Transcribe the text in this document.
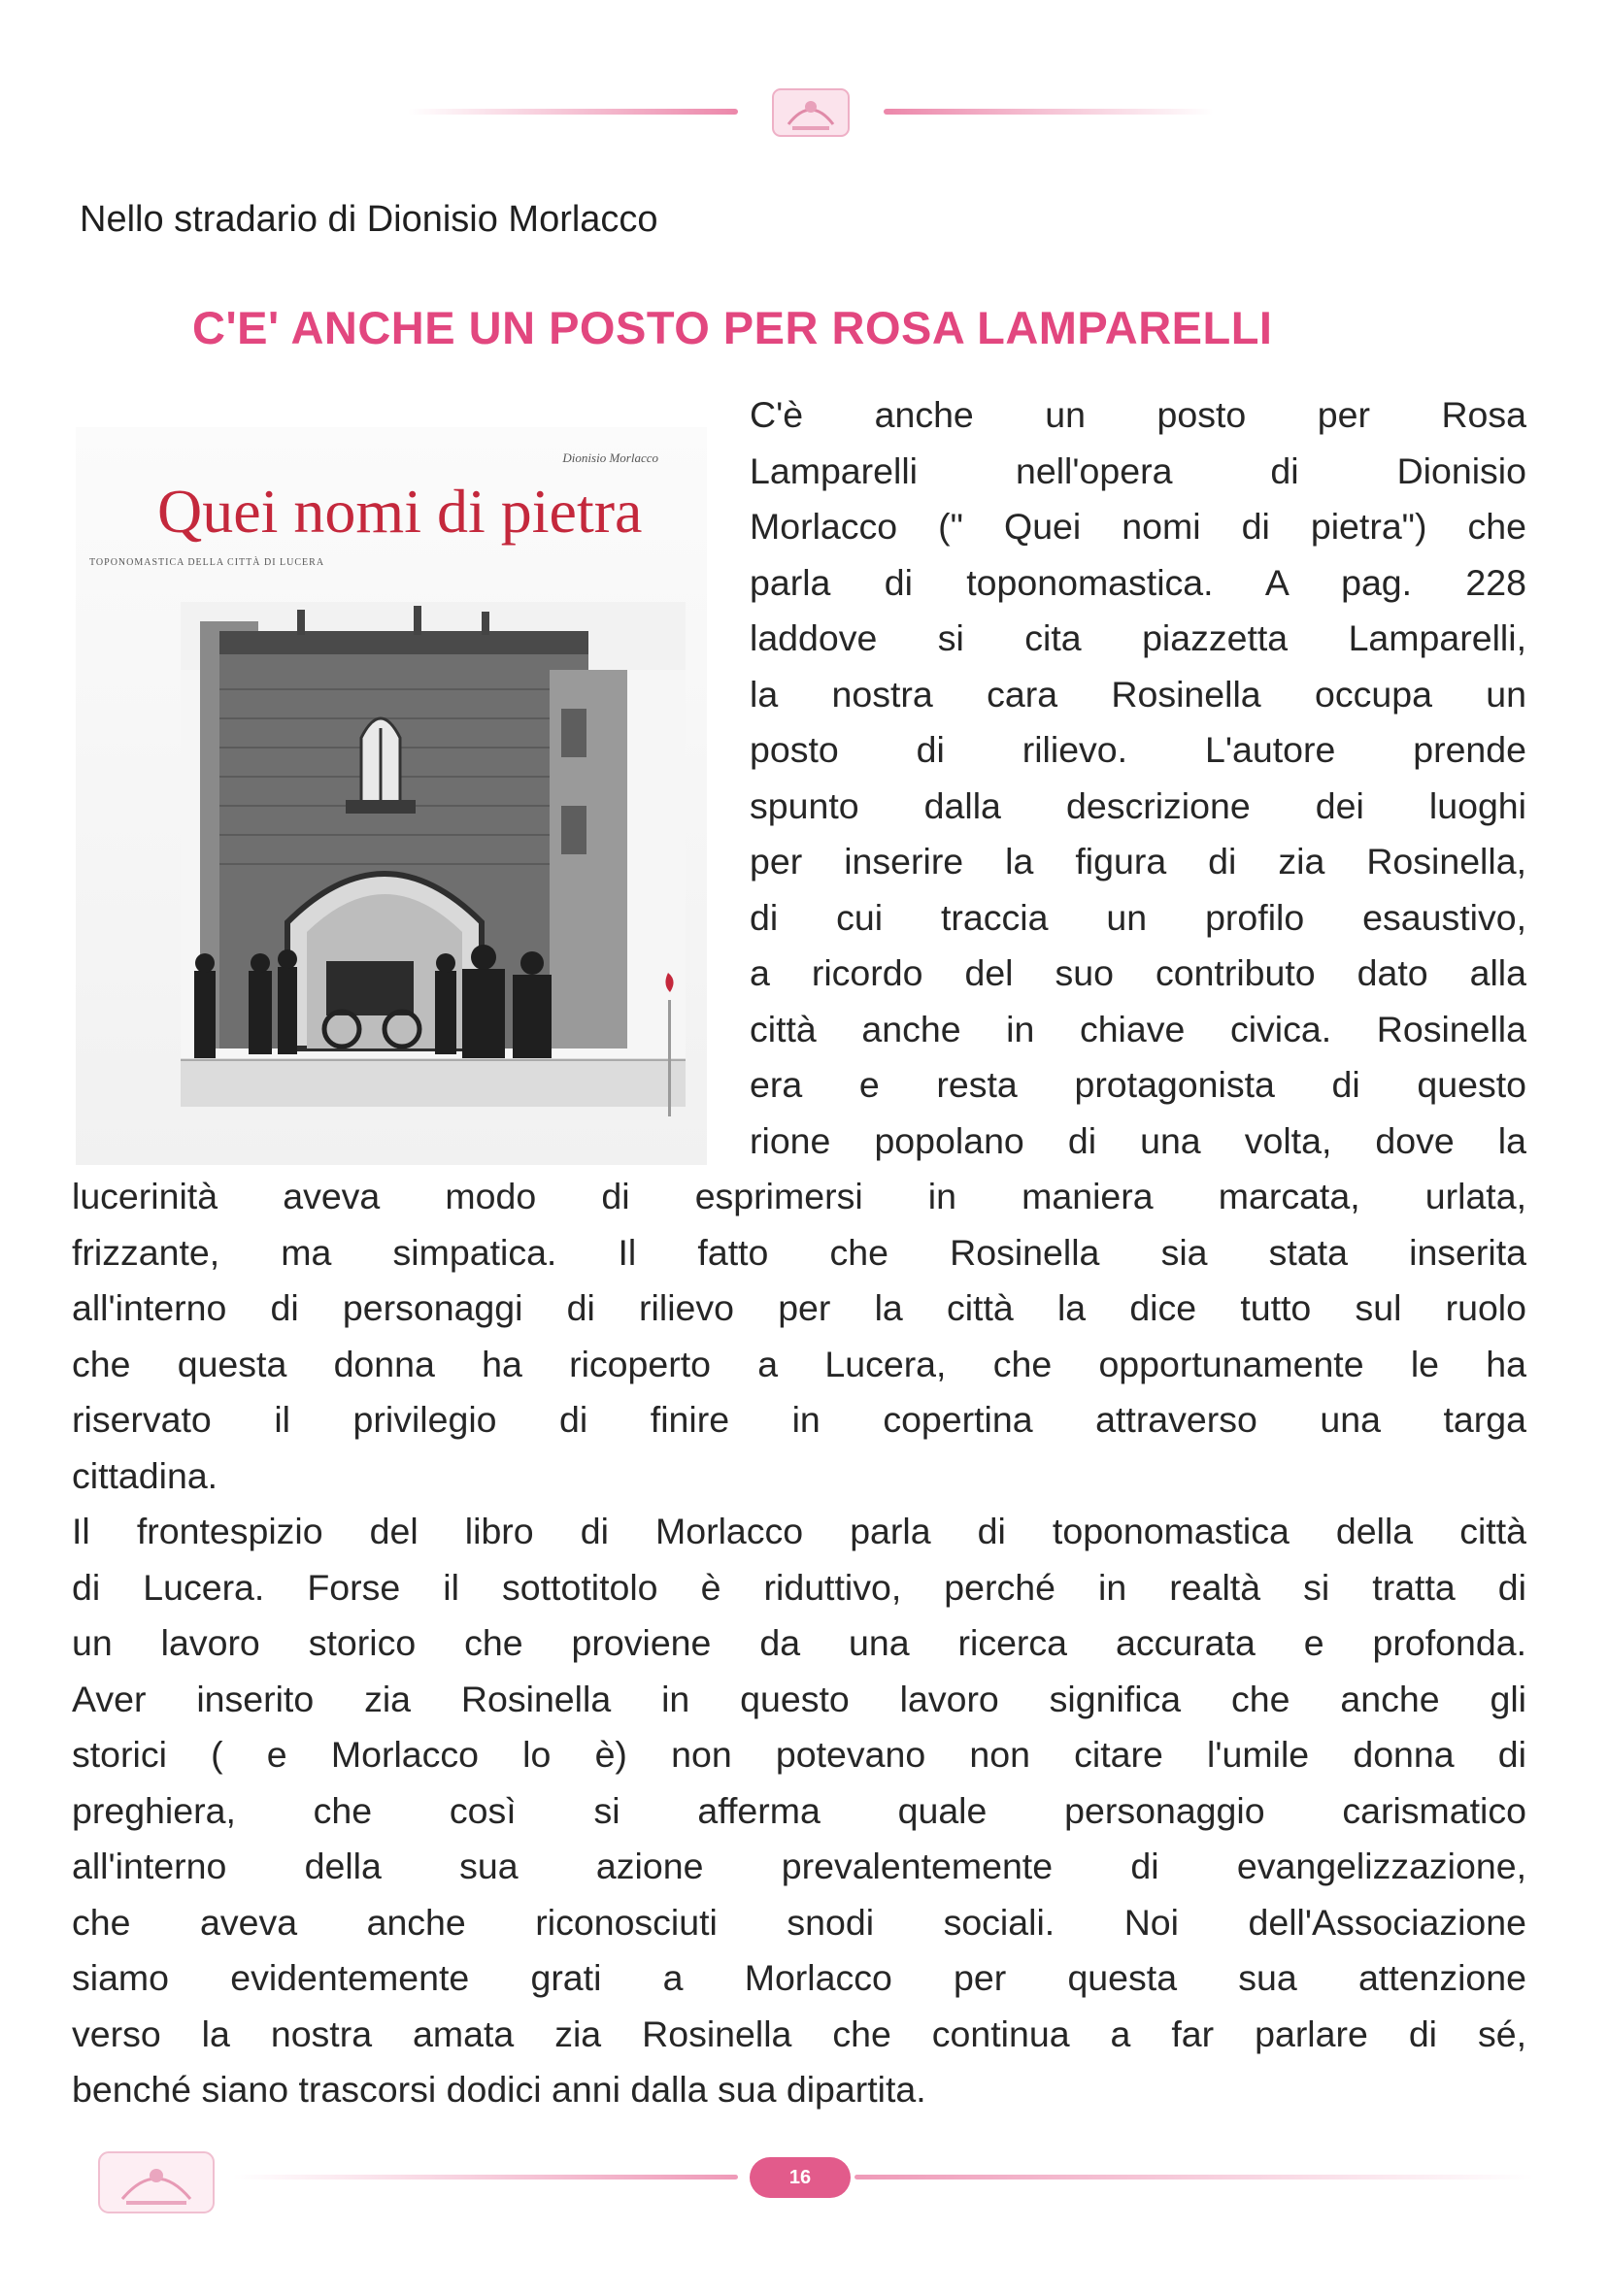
Nello stradario di Dionisio Morlacco
C'E' ANCHE UN POSTO PER ROSA LAMPARELLI
Dionisio Morlacco
Quei nomi di pietra
TOPONOMASTICA DELLA CITTÀ DI LUCERA
C'è anche un posto per Rosa
Lamparelli nell'opera di Dionisio
Morlacco (" Quei nomi di pietra") che
parla di toponomastica. A pag. 228
laddove si cita piazzetta Lamparelli,
la nostra cara Rosinella occupa un
posto di rilievo. L'autore prende
spunto dalla descrizione dei luoghi
per inserire la figura di zia Rosinella,
di cui traccia un profilo esaustivo,
a ricordo del suo contributo dato alla
città anche in chiave civica. Rosinella
era e resta protagonista di questo
rione popolano di una volta, dove la
lucerinità aveva modo di esprimersi in maniera marcata, urlata,
frizzante, ma simpatica. Il fatto che Rosinella sia stata inserita
all'interno di personaggi di rilievo per la città la dice tutto sul ruolo
che questa donna ha ricoperto a Lucera, che opportunamente le ha
riservato il privilegio di finire in copertina attraverso una targa
cittadina.
Il frontespizio del libro di Morlacco parla di toponomastica della città
di Lucera. Forse il sottotitolo è riduttivo, perché in realtà si tratta di
un lavoro storico che proviene da una ricerca accurata e profonda.
Aver inserito zia Rosinella in questo lavoro significa che anche gli
storici ( e Morlacco lo è) non potevano non citare l'umile donna di
preghiera, che così si afferma quale personaggio carismatico
all'interno della sua azione prevalentemente di evangelizzazione,
che aveva anche riconosciuti snodi sociali. Noi dell'Associazione
siamo evidentemente grati a Morlacco per questa sua attenzione
verso la nostra amata zia Rosinella che continua a far parlare di sé,
benché siano trascorsi dodici anni dalla sua dipartita.
16
